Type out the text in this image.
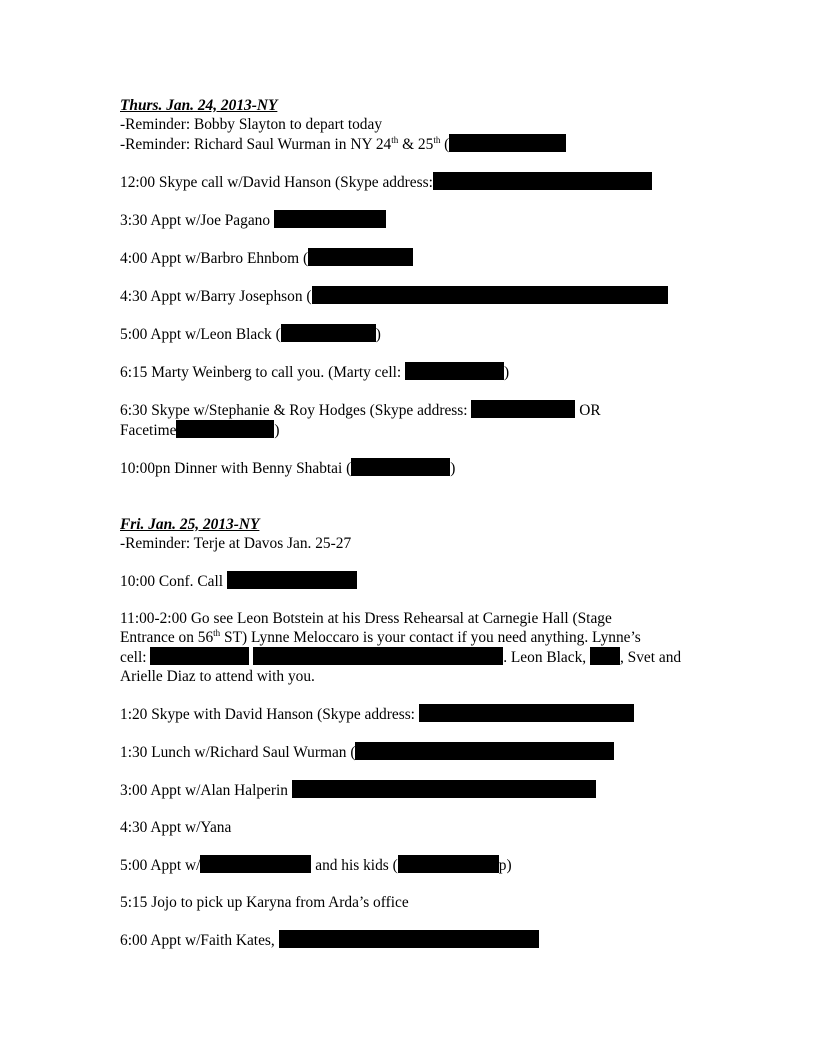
Thurs. Jan. 24, 2013-NY
-Reminder: Bobby Slayton to depart today
-Reminder: Richard Saul Wurman in NY 24th & 25th (
12:00 Skype call w/David Hanson (Skype address:
3:30 Appt w/Joe Pagano
4:00 Appt w/Barbro Ehnbom (
4:30 Appt w/Barry Josephson (
5:00 Appt w/Leon Black (	)
6:15 Marty Weinberg to call you. (Marty cell:	)
6:30 Skype w/Stephanie & Roy Hodges (Skype address:	OR
Facetime	)
10:00pn Dinner with Benny Shabtai (	)
Fri. Jan. 25, 2013-NY
-Reminder: Terje at Davos Jan. 25-27
10:00 Conf. Call
11:00-2:00 Go see Leon Botstein at his Dress Rehearsal at Carnegie Hall (Stage
Entrance on 56th ST) Lynne Meloccaro is your contact if you need anything. Lynne’s
cell:	. Leon Black, , Svet and
Arielle Diaz to attend with you.
1:20 Skype with David Hanson (Skype address:
1:30 Lunch w/Richard Saul Wurman (
3:00 Appt w/Alan Halperin
4:30 Appt w/Yana
5:00 Appt w/	and his kids (	p)
5:15 Jojo to pick up Karyna from Arda’s office
6:00 Appt w/Faith Kates,
